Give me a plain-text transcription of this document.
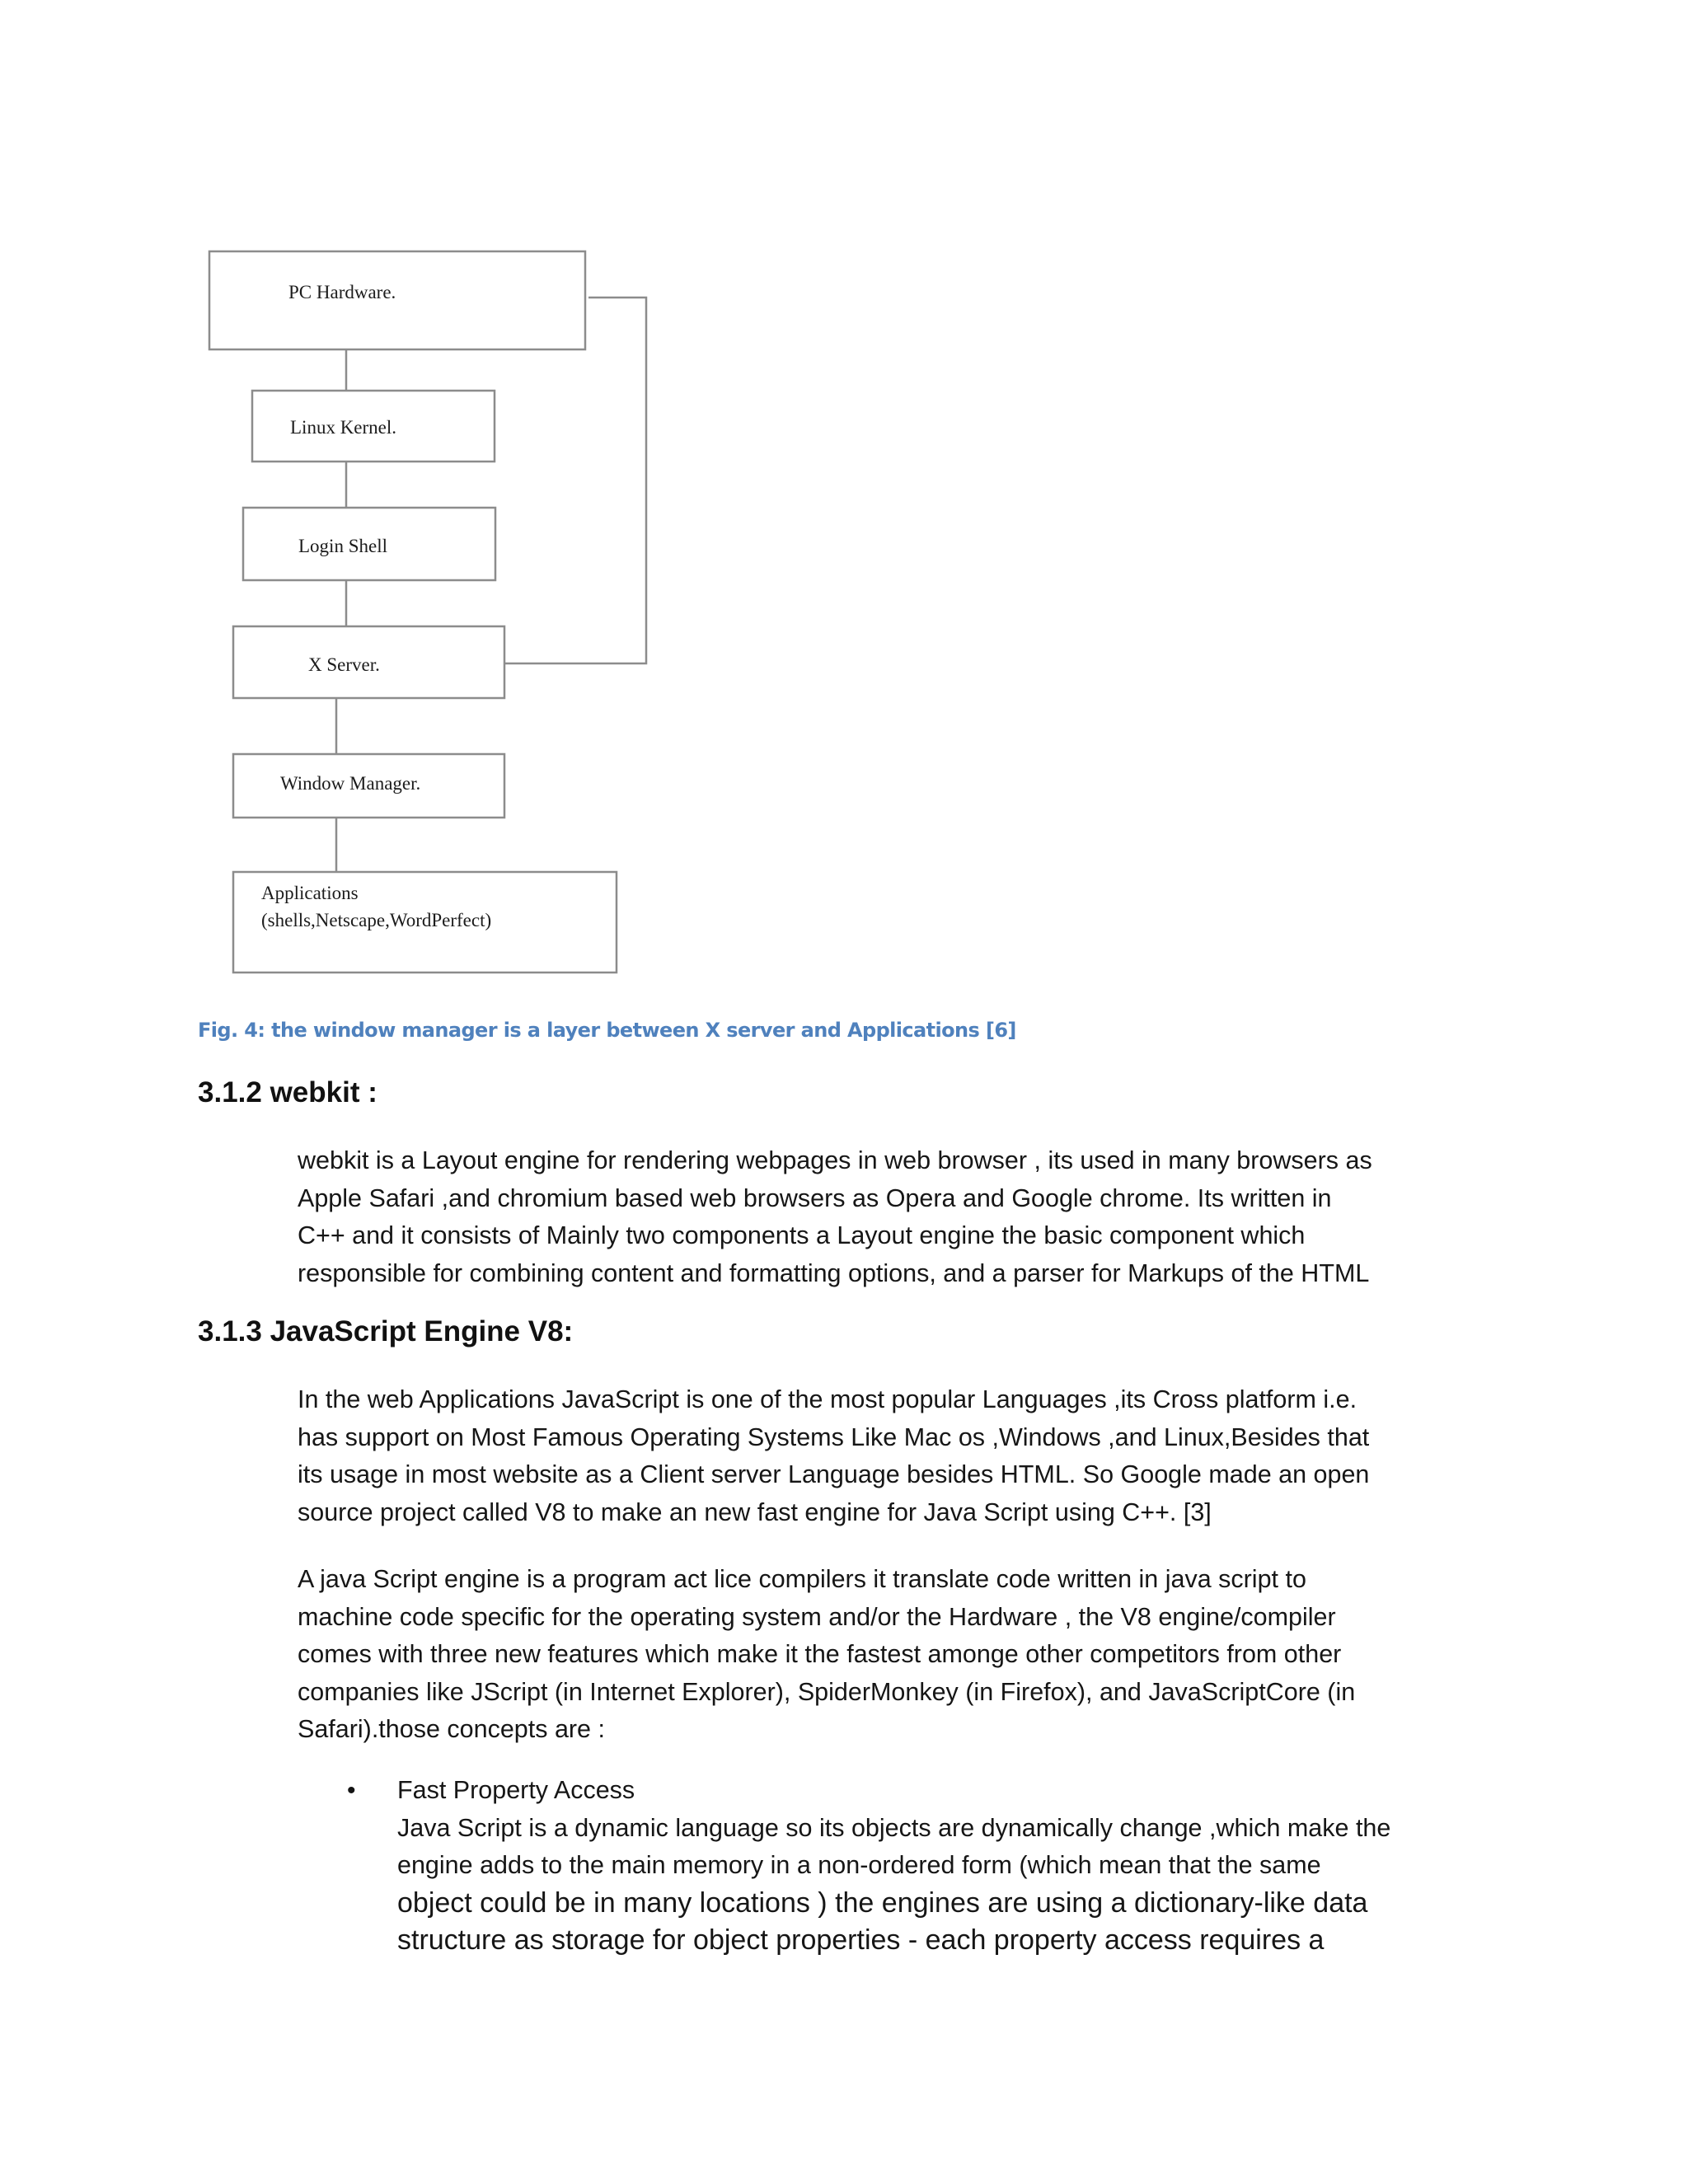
PC Hardware.
Linux Kernel.
Login Shell
X Server.
Window Manager.
Applications
(shells,Netscape,WordPerfect)

Fig. 4: the window manager is a layer between X server and Applications [6]

3.1.2 webkit :

webkit is a Layout engine for rendering webpages in web browser , its used in many browsers as
Apple Safari ,and chromium based web browsers as Opera and Google chrome. Its written in
C++ and it consists of Mainly two components a Layout engine the basic component which
responsible for combining content and formatting options, and a parser for Markups of the HTML

3.1.3 JavaScript Engine V8:

In the web Applications JavaScript is one of the most popular Languages ,its Cross platform i.e.
has support on Most Famous Operating Systems Like Mac os ,Windows ,and Linux,Besides that
its usage in most website as a Client server Language besides HTML. So Google made an open
source project called V8 to make an new fast engine for Java Script using C++. [3]

A java Script engine is a program act lice compilers it translate code written in java script to
machine code specific for the operating system and/or the Hardware , the V8 engine/compiler
comes with three new features which make it the fastest amonge other competitors from other
companies like JScript (in Internet Explorer), SpiderMonkey (in Firefox), and JavaScriptCore (in
Safari).those concepts are :

• Fast Property Access
Java Script is a dynamic language so its objects are dynamically change ,which make the
engine adds to the main memory in a non-ordered form (which mean that the same
object could be in many locations ) the engines are using a dictionary-like data
structure as storage for object properties - each property access requires a
